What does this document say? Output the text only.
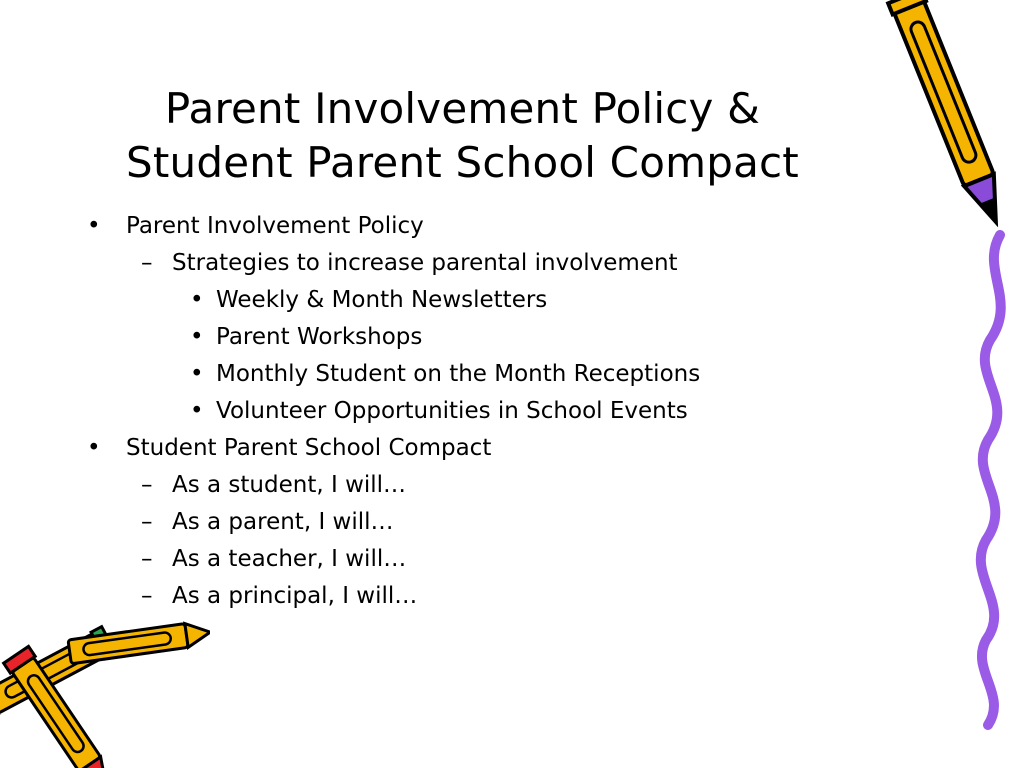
Parent Involvement Policy &
Student Parent School Compact
• Parent Involvement Policy
– Strategies to increase parental involvement
• Weekly & Month Newsletters
• Parent Workshops
• Monthly Student on the Month Receptions
• Volunteer Opportunities in School Events
• Student Parent School Compact
– As a student, I will…
– As a parent, I will…
– As a teacher, I will…
– As a principal, I will…
